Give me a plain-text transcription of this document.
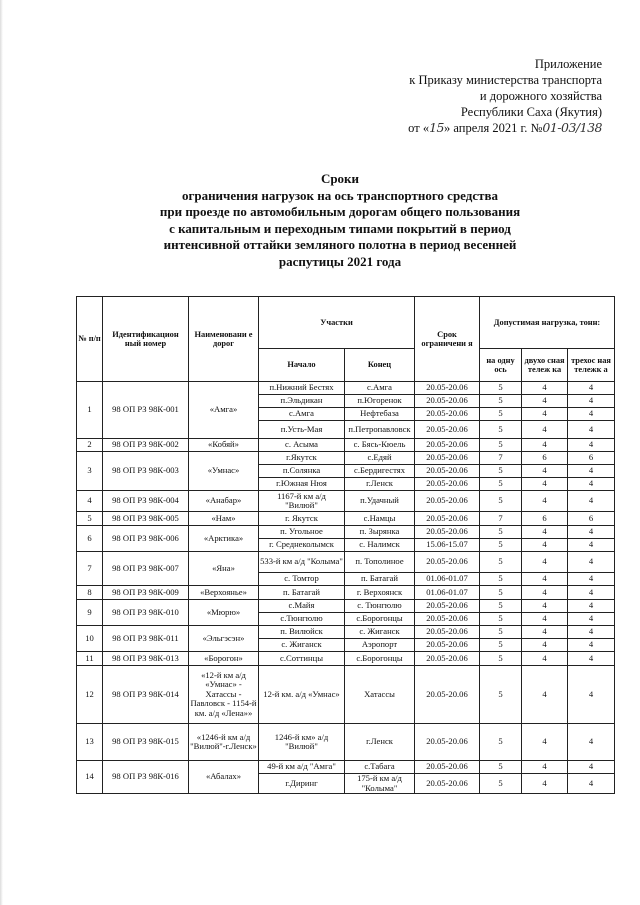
Приложение
к Приказу министерства транспорта
и дорожного хозяйства
Республики Саха (Якутия)
от «15» апреля 2021 г. №01-03/138
Сроки
ограничения нагрузок на ось транспортного средства
при проезде по автомобильным дорогам общего пользования
с капитальным и переходным типами покрытий в период
интенсивной оттайки земляного полотна в период весенней
распутицы 2021 года
№ п/п	Идентификацион ный номер	Наименовани е дорог	Участки		Срок ограничени я	Допустимая нагрузка, тонн:		
			Начало	Конец		на одну ось	двухо сная тележ ка	трехос ная тележк а
1	98 ОП РЗ 98К-001	«Амга»	п.Нижний Бестях	с.Амга	20.05-20.06	5	4	4
			п.Эльдикан	п.Югоренок	20.05-20.06	5	4	4
			с.Амга	Нефтебаза	20.05-20.06	5	4	4
			п.Усть-Мая	п.Петропавловск	20.05-20.06	5	4	4
2	98 ОП РЗ 98К-002	«Кобяй»	с. Асыма	с. Бясь-Кюель	20.05-20.06	5	4	4
3	98 ОП РЗ 98К-003	«Умнас»	г.Якутск	с.Едяй	20.05-20.06	7	6	6
			п.Солянка	с.Бердигестях	20.05-20.06	5	4	4
			г.Южная Нюя	г.Ленск	20.05-20.06	5	4	4
4	98 ОП РЗ 98К-004	«Анабар»	1167-й км а/д "Вилюй"	п.Удачный	20.05-20.06	5	4	4
5	98 ОП РЗ 98К-005	«Нам»	г. Якутск	с.Намцы	20.05-20.06	7	6	6
6	98 ОП РЗ 98К-006	«Арктика»	п. Угольное	п. Зырянка	20.05-20.06	5	4	4
			г. Среднеколымск	с. Налимск	15.06-15.07	5	4	4
7	98 ОП РЗ 98К-007	«Яна»	533-й км а/д "Колыма"	п. Тополиное	20.05-20.06	5	4	4
			с. Томтор	п. Батагай	01.06-01.07	5	4	4
8	98 ОП РЗ 98К-009	«Верхоянье»	п. Батагай	г. Верхоянск	01.06-01.07	5	4	4
9	98 ОП РЗ 98К-010	«Мюрю»	с.Майя	с. Тюнгюлю	20.05-20.06	5	4	4
			с.Тюнгюлю	с.Борогонцы	20.05-20.06	5	4	4
10	98 ОП РЗ 98К-011	«Эльгэсэн»	п. Вилюйск	с. Жиганск	20.05-20.06	5	4	4
			с. Жиганск	Аэропорт	20.05-20.06	5	4	4
11	98 ОП РЗ 98К-013	«Борогон»	с.Соттинцы	с.Борогонцы	20.05-20.06	5	4	4
12	98 ОП РЗ 98К-014	«12-й км а/д «Умнас» - Хатассы - Павловск - 1154-й км. а/д «Лена»»	12-й км. а/д «Умнас»	Хатассы	20.05-20.06	5	4	4
13	98 ОП РЗ 98К-015	«1246-й км а/д "Вилюй"-г.Ленск»	1246-й км» а/д "Вилюй"	г.Ленск	20.05-20.06	5	4	4
14	98 ОП РЗ 98К-016	«Абалах»	49-й км а/д "Амга"	с.Табага	20.05-20.06	5	4	4
			г.Диринг	175-й км а/д "Колыма"	20.05-20.06	5	4	4
